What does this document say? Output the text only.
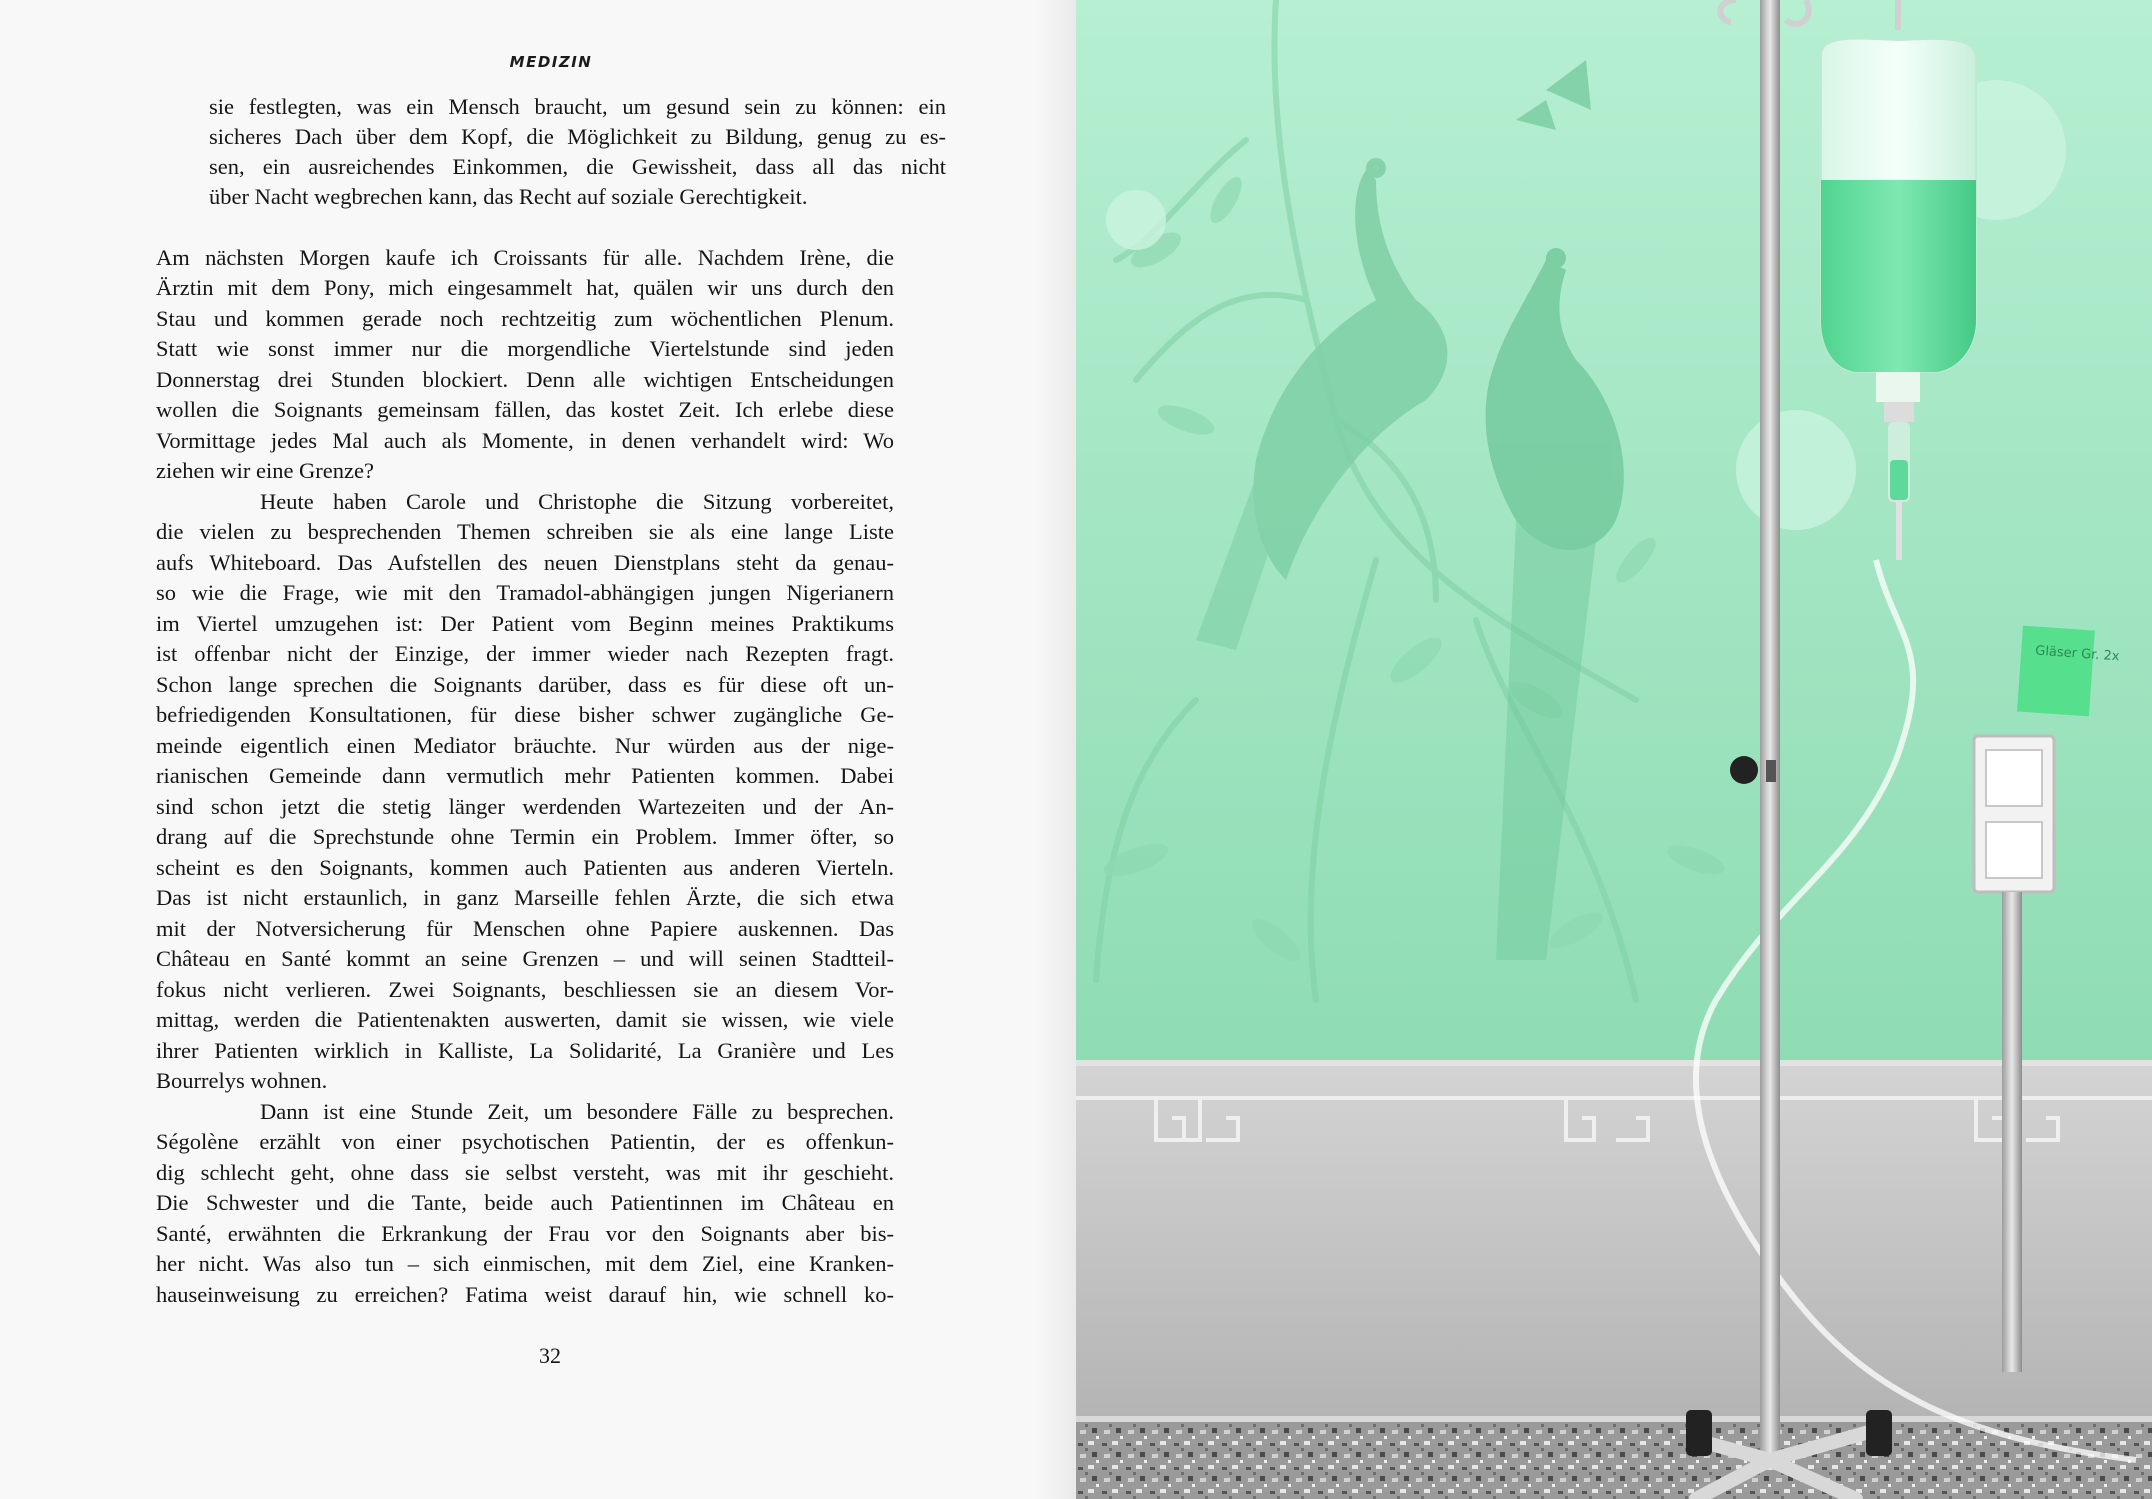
MEDIZIN

sie festlegten, was ein Mensch braucht, um gesund sein zu können: ein

sicheres Dach über dem Kopf, die Möglichkeit zu Bildung, genug zu es-

sen, ein ausreichendes Einkommen, die Gewissheit, dass all das nicht

über Nacht wegbrechen kann, das Recht auf soziale Gerechtigkeit.

Am nächsten Morgen kaufe ich Croissants für alle. Nachdem Irène, die

Ärztin mit dem Pony, mich eingesammelt hat, quälen wir uns durch den

Stau und kommen gerade noch rechtzeitig zum wöchentlichen Plenum.

Statt wie sonst immer nur die morgendliche Viertelstunde sind jeden

Donnerstag drei Stunden blockiert. Denn alle wichtigen Entscheidungen

wollen die Soignants gemeinsam fällen, das kostet Zeit. Ich erlebe diese

Vormittage jedes Mal auch als Momente, in denen verhandelt wird: Wo

ziehen wir eine Grenze?

Heute haben Carole und Christophe die Sitzung vorbereitet,

die vielen zu besprechenden Themen schreiben sie als eine lange Liste

aufs Whiteboard. Das Aufstellen des neuen Dienstplans steht da genau-

so wie die Frage, wie mit den Tramadol-abhängigen jungen Nigerianern

im Viertel umzugehen ist: Der Patient vom Beginn meines Praktikums

ist offenbar nicht der Einzige, der immer wieder nach Rezepten fragt.

Schon lange sprechen die Soignants darüber, dass es für diese oft un-

befriedigenden Konsultationen, für diese bisher schwer zugängliche Ge-

meinde eigentlich einen Mediator bräuchte. Nur würden aus der nige-

rianischen Gemeinde dann vermutlich mehr Patienten kommen. Dabei

sind schon jetzt die stetig länger werdenden Wartezeiten und der An-

drang auf die Sprechstunde ohne Termin ein Problem. Immer öfter, so

scheint es den Soignants, kommen auch Patienten aus anderen Vierteln.

Das ist nicht erstaunlich, in ganz Marseille fehlen Ärzte, die sich etwa

mit der Notversicherung für Menschen ohne Papiere auskennen. Das

Château en Santé kommt an seine Grenzen – und will seinen Stadtteil-

fokus nicht verlieren. Zwei Soignants, beschliessen sie an diesem Vor-

mittag, werden die Patientenakten auswerten, damit sie wissen, wie viele

ihrer Patienten wirklich in Kalliste, La Solidarité, La Granière und Les

Bourrelys wohnen.

Dann ist eine Stunde Zeit, um besondere Fälle zu besprechen.

Ségolène erzählt von einer psychotischen Patientin, der es offenkun-

dig schlecht geht, ohne dass sie selbst versteht, was mit ihr geschieht.

Die Schwester und die Tante, beide auch Patientinnen im Château en

Santé, erwähnten die Erkrankung der Frau vor den Soignants aber bis-

her nicht. Was also tun – sich einmischen, mit dem Ziel, eine Kranken-

hauseinweisung zu erreichen? Fatima weist darauf hin, wie schnell ko-

32
Gläser Gr. 2x
